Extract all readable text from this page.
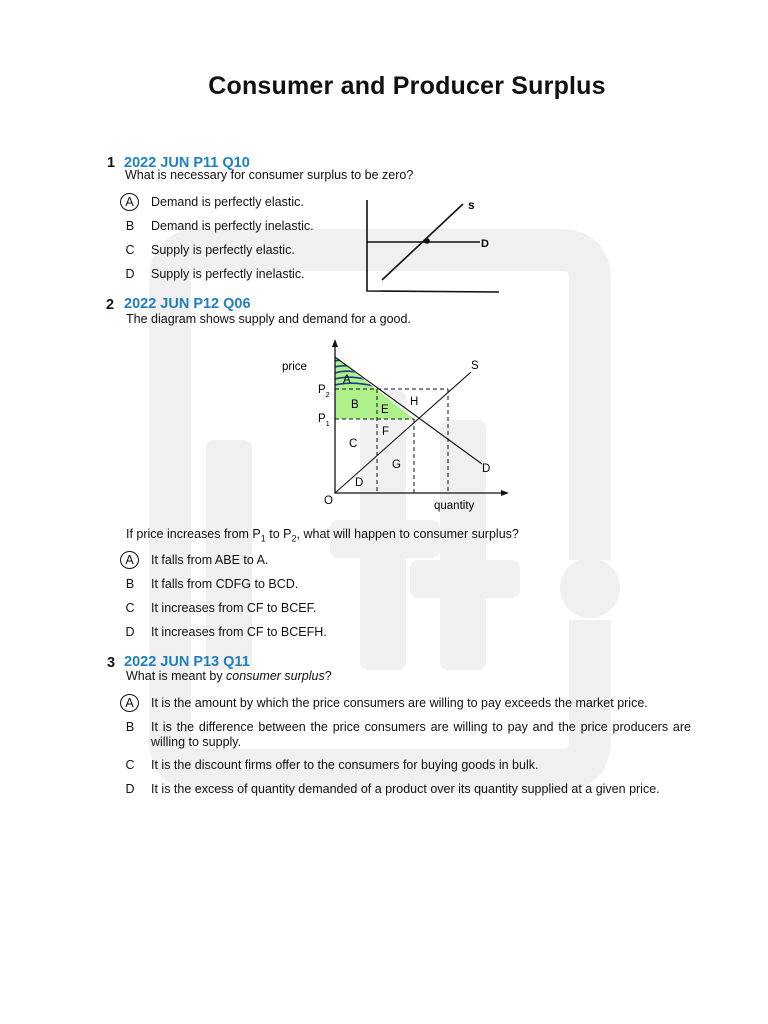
Consumer and Producer Surplus
1 2022 JUN P11 Q10
What is necessary for consumer surplus to be zero?
A	Demand is perfectly elastic.
B	Demand is perfectly inelastic.
C Supply is perfectly elastic.
D Supply is perfectly inelastic.
s
D
2 2022 JUN P12 Q06
The diagram shows supply and demand for a good.
price
quantity
O
$P_2$
$P_1$
S
D
A
B E
H
F
C
G
D
If price increases from $P_1$ to $P_2$, what will happen to consumer surplus?
A	It falls from ABE to A.
B	It falls from CDFG to BCD.
C It increases from CF to BCEF.
D It increases from CF to BCEFH.
3 2022 JUN P13 Q11
What is meant by consumer surplus?
A	It is the amount by which the price consumers are willing to pay exceeds the market price.
B	It is the difference between the price consumers are willing to pay and the price producers are willing to supply.
C It is the discount firms offer to the consumers for buying goods in bulk.
D It is the excess of quantity demanded of a product over its quantity supplied at a given price.
